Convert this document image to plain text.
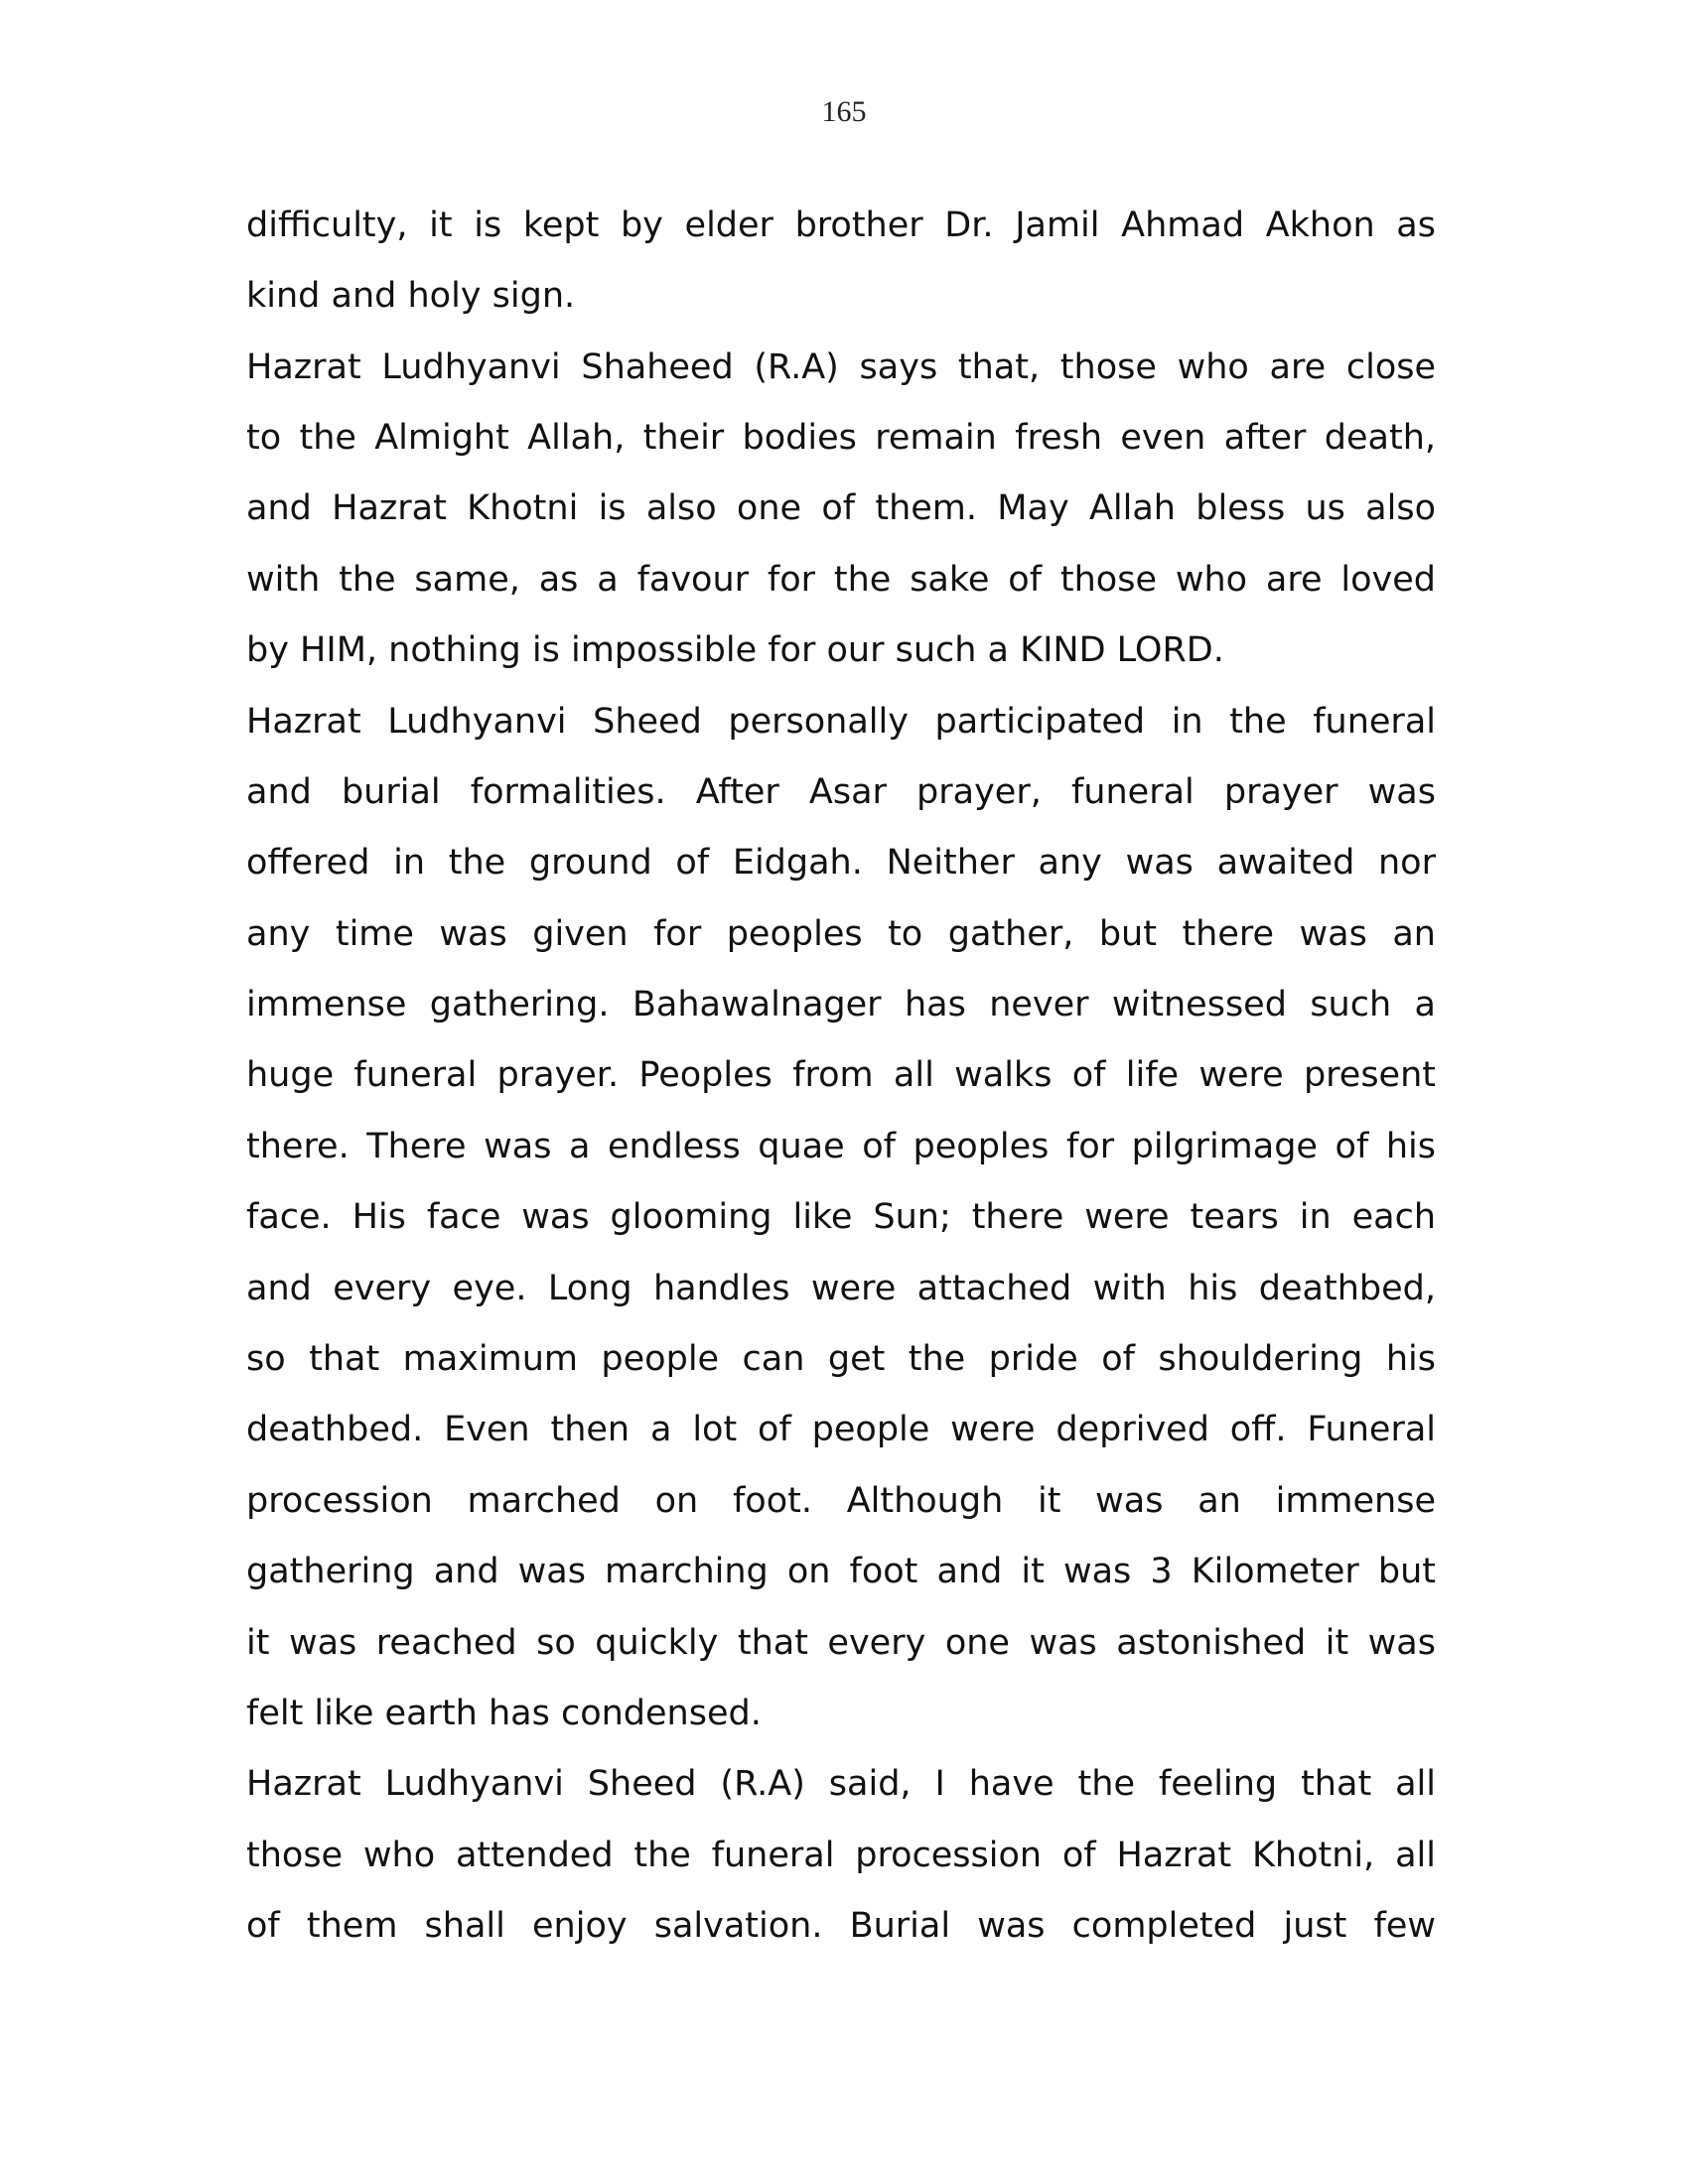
165
difficulty, it is kept by elder brother Dr. Jamil Ahmad Akhon as
kind and holy sign.
Hazrat Ludhyanvi Shaheed (R.A) says that, those who are close
to the Almight Allah, their bodies remain fresh even after death,
and Hazrat Khotni is also one of them. May Allah bless us also
with the same, as a favour for the sake of those who are loved
by HIM, nothing is impossible for our such a KIND LORD.
Hazrat Ludhyanvi Sheed personally participated in the funeral
and burial formalities. After Asar prayer, funeral prayer was
offered in the ground of Eidgah. Neither any was awaited nor
any time was given for peoples to gather, but there was an
immense gathering. Bahawalnager has never witnessed such a
huge funeral prayer. Peoples from all walks of life were present
there. There was a endless quae of peoples for pilgrimage of his
face. His face was glooming like Sun; there were tears in each
and every eye. Long handles were attached with his deathbed,
so that maximum people can get the pride of shouldering his
deathbed. Even then a lot of people were deprived off. Funeral
procession marched on foot. Although it was an immense
gathering and was marching on foot and it was 3 Kilometer but
it was reached so quickly that every one was astonished it was
felt like earth has condensed.
Hazrat Ludhyanvi Sheed (R.A) said, I have the feeling that all
those who attended the funeral procession of Hazrat Khotni, all
of them shall enjoy salvation. Burial was completed just few
